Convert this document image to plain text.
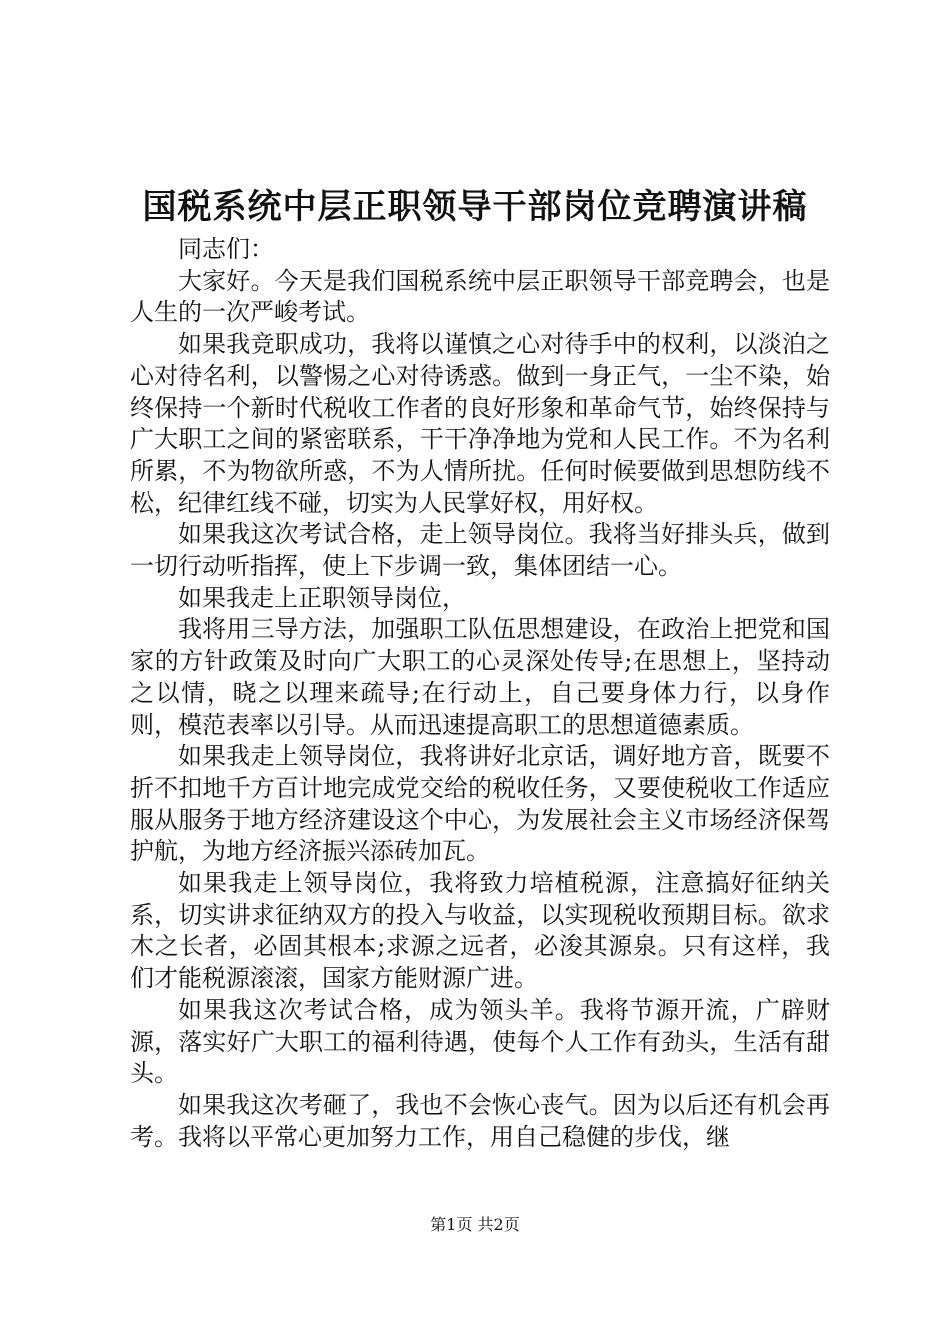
国税系统中层正职领导干部岗位竞聘演讲稿

同志们：

大家好。今天是我们国税系统中层正职领导干部竞聘会，也是人生的一次严峻考试。

如果我竞职成功，我将以谨慎之心对待手中的权利，以淡泊之心对待名利，以警惕之心对待诱惑。做到一身正气，一尘不染，始终保持一个新时代税收工作者的良好形象和革命气节，始终保持与广大职工之间的紧密联系，干干净净地为党和人民工作。不为名利所累，不为物欲所惑，不为人情所扰。任何时候要做到思想防线不松，纪律红线不碰，切实为人民掌好权，用好权。

如果我这次考试合格，走上领导岗位。我将当好排头兵，做到一切行动听指挥，使上下步调一致，集体团结一心。

如果我走上正职领导岗位，

我将用三导方法，加强职工队伍思想建设，在政治上把党和国家的方针政策及时向广大职工的心灵深处传导;在思想上，坚持动之以情，晓之以理来疏导;在行动上，自己要身体力行，以身作则，模范表率以引导。从而迅速提高职工的思想道德素质。

如果我走上领导岗位，我将讲好北京话，调好地方音，既要不折不扣地千方百计地完成党交给的税收任务，又要使税收工作适应服从服务于地方经济建设这个中心，为发展社会主义市场经济保驾护航，为地方经济振兴添砖加瓦。

如果我走上领导岗位，我将致力培植税源，注意搞好征纳关系，切实讲求征纳双方的投入与收益，以实现税收预期目标。欲求木之长者，必固其根本;求源之远者，必浚其源泉。只有这样，我们才能税源滚滚，国家方能财源广进。

如果我这次考试合格，成为领头羊。我将节源开流，广辟财源，落实好广大职工的福利待遇，使每个人工作有劲头，生活有甜头。

如果我这次考砸了，我也不会恢心丧气。因为以后还有机会再考。我将以平常心更加努力工作，用自己稳健的步伐，继

第1页 共2页
